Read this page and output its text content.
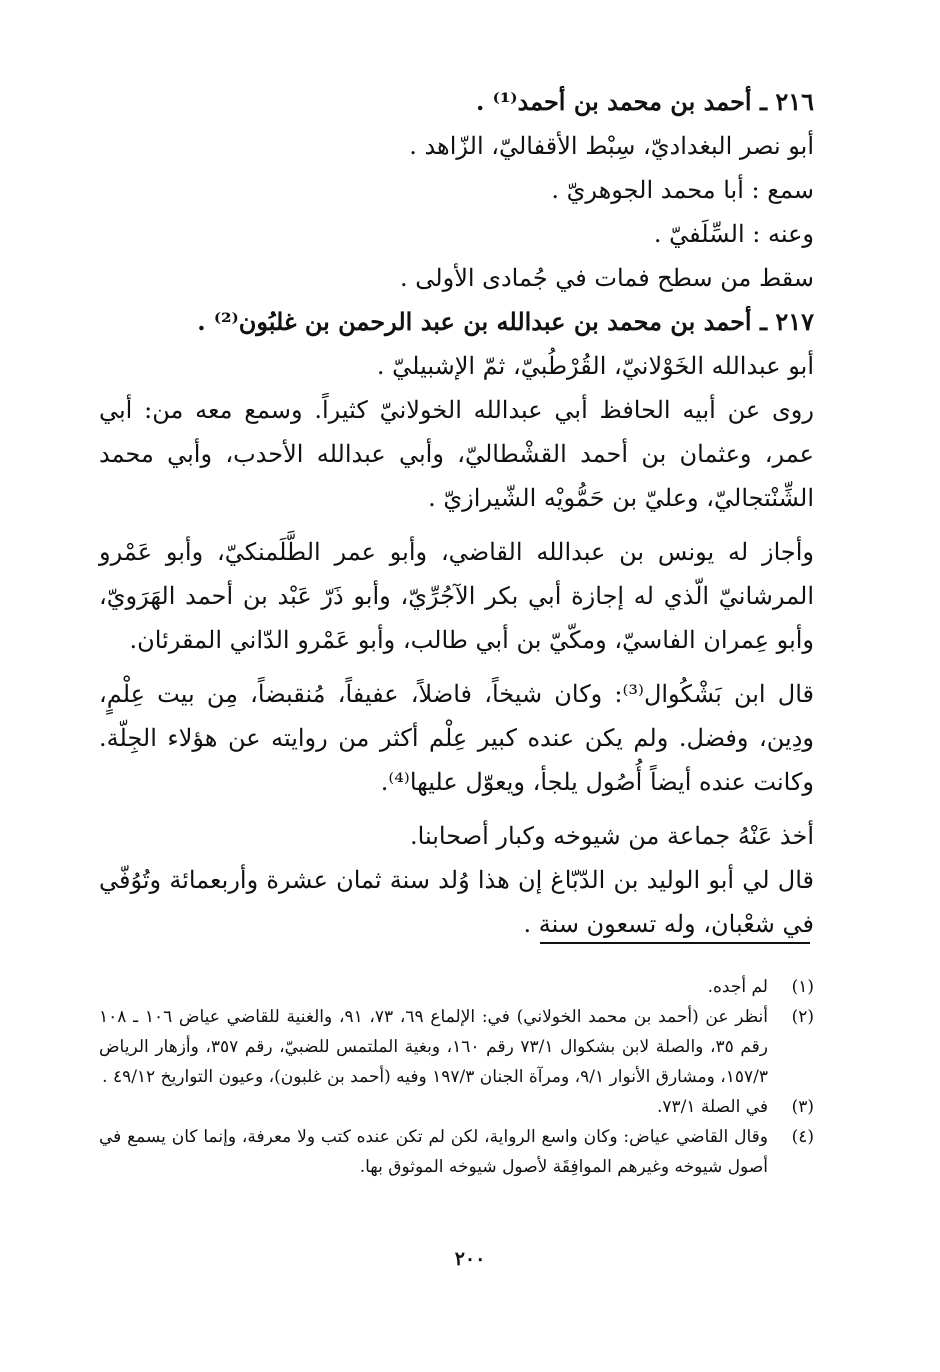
٢١٦ ـ أحمد بن محمد بن أحمد⁽¹⁾ .

أبو نصر البغداديّ، سِبْط الأقفاليّ، الزّاهد .

سمع : أبا محمد الجوهريّ .

وعنه : السِّلَفيّ .

سقط من سطح فمات في جُمادى الأولى .

٢١٧ ـ أحمد بن محمد بن عبدالله بن عبد الرحمن بن غلبُون⁽²⁾ .

أبو عبدالله الخَوْلانيّ، القُرْطُبيّ، ثمّ الإشبيليّ .

روى عن أبيه الحافظ أبي عبدالله الخولانيّ كثيراً. وسمع معه من: أبي عمر، وعثمان بن أحمد القشْطاليّ، وأبي عبدالله الأحدب، وأبي محمد الشِّنْتجاليّ، وعليّ بن حَمُّويْه الشّيرازيّ .

وأجاز له يونس بن عبدالله القاضي، وأبو عمر الطَّلَمنكيّ، وأبو عَمْرو المرشانيّ الّذي له إجازة أبي بكر الآجُرِّيّ، وأبو ذَرّ عَبْد بن أحمد الهَرَويّ، وأبو عِمران الفاسيّ، ومكّيّ بن أبي طالب، وأبو عَمْرو الدّاني المقرئان.

قال ابن بَشْكُوال⁽³⁾: وكان شيخاً، فاضلاً، عفيفاً، مُنقبضاً، مِن بيت عِلْمٍ، ودِين، وفضل. ولم يكن عنده كبير عِلْم أكثر من روايته عن هؤلاء الجِلّة. وكانت عنده أيضاً أُصُول يلجأ، ويعوّل عليها⁽⁴⁾.

أخذ عَنْهُ جماعة من شيوخه وكبار أصحابنا.

قال لي أبو الوليد بن الدّبّاغ إن هذا وُلد سنة ثمان عشرة وأربعمائة وتُوُفّي في شعْبان، وله تسعون سنة .

(١)
لم أجده.
(٢)
أنظر عن (أحمد بن محمد الخولاني) في: الإلماع ٦٩، ٧٣، ٩١، والغنية للقاضي عياض ١٠٦ ـ ١٠٨ رقم ٣٥، والصلة لابن بشكوال ٧٣/١ رقم ١٦٠، وبغية الملتمس للضبيّ، رقم ٣٥٧، وأزهار الرياض ١٥٧/٣، ومشارق الأنوار ٩/١، ومرآة الجنان ١٩٧/٣ وفيه (أحمد بن غلبون)، وعيون التواريخ ٤٩/١٢ .
(٣)
في الصلة ٧٣/١.
(٤)
وقال القاضي عياض: وكان واسع الرواية، لكن لم تكن عنده كتب ولا معرفة، وإنما كان يسمع في أصول شيوخه وغيرهم الموافِقَة لأصول شيوخه الموثوق بها.
٢٠٠
